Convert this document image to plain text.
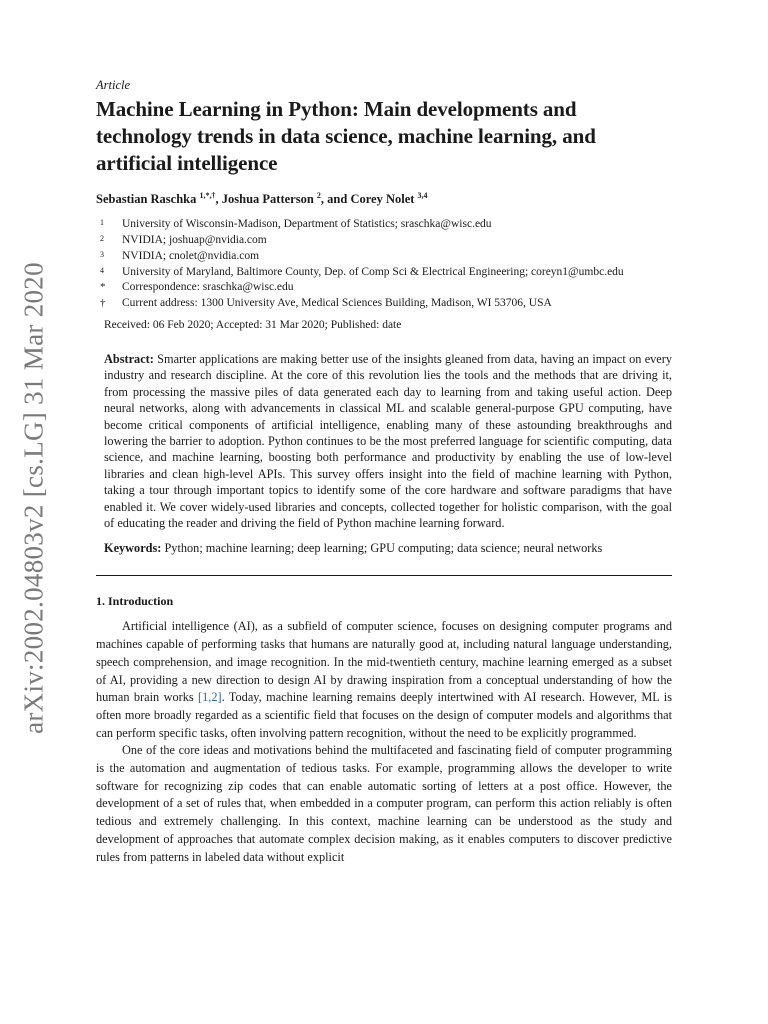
arXiv:2002.04803v2 [cs.LG] 31 Mar 2020
Article
Machine Learning in Python: Main developments and technology trends in data science, machine learning, and artificial intelligence
Sebastian Raschka $^{1,*,\dagger}$, Joshua Patterson $^2$, and Corey Nolet $^{3,4}$
1	University of Wisconsin-Madison, Department of Statistics; sraschka@wisc.edu
2	NVIDIA; joshuap@nvidia.com
3	NVIDIA; cnolet@nvidia.com
4	University of Maryland, Baltimore County, Dep. of Comp Sci & Electrical Engineering; coreyn1@umbc.edu
*	Correspondence: sraschka@wisc.edu
†	Current address: 1300 University Ave, Medical Sciences Building, Madison, WI 53706, USA
Received: 06 Feb 2020; Accepted: 31 Mar 2020; Published: date

Abstract: Smarter applications are making better use of the insights gleaned from data, having an impact on every industry and research discipline. At the core of this revolution lies the tools and the methods that are driving it, from processing the massive piles of data generated each day to learning from and taking useful action. Deep neural networks, along with advancements in classical ML and scalable general-purpose GPU computing, have become critical components of artificial intelligence, enabling many of these astounding breakthroughs and lowering the barrier to adoption. Python continues to be the most preferred language for scientific computing, data science, and machine learning, boosting both performance and productivity by enabling the use of low-level libraries and clean high-level APIs. This survey offers insight into the field of machine learning with Python, taking a tour through important topics to identify some of the core hardware and software paradigms that have enabled it. We cover widely-used libraries and concepts, collected together for holistic comparison, with the goal of educating the reader and driving the field of Python machine learning forward.

Keywords: Python; machine learning; deep learning; GPU computing; data science; neural networks

1. Introduction

Artificial intelligence (AI), as a subfield of computer science, focuses on designing computer programs and machines capable of performing tasks that humans are naturally good at, including natural language understanding, speech comprehension, and image recognition. In the mid-twentieth century, machine learning emerged as a subset of AI, providing a new direction to design AI by drawing inspiration from a conceptual understanding of how the human brain works [1,2]. Today, machine learning remains deeply intertwined with AI research. However, ML is often more broadly regarded as a scientific field that focuses on the design of computer models and algorithms that can perform specific tasks, often involving pattern recognition, without the need to be explicitly programmed.

One of the core ideas and motivations behind the multifaceted and fascinating field of computer programming is the automation and augmentation of tedious tasks. For example, programming allows the developer to write software for recognizing zip codes that can enable automatic sorting of letters at a post office. However, the development of a set of rules that, when embedded in a computer program, can perform this action reliably is often tedious and extremely challenging. In this context, machine learning can be understood as the study and development of approaches that automate complex decision making, as it enables computers to discover predictive rules from patterns in labeled data without explicit
